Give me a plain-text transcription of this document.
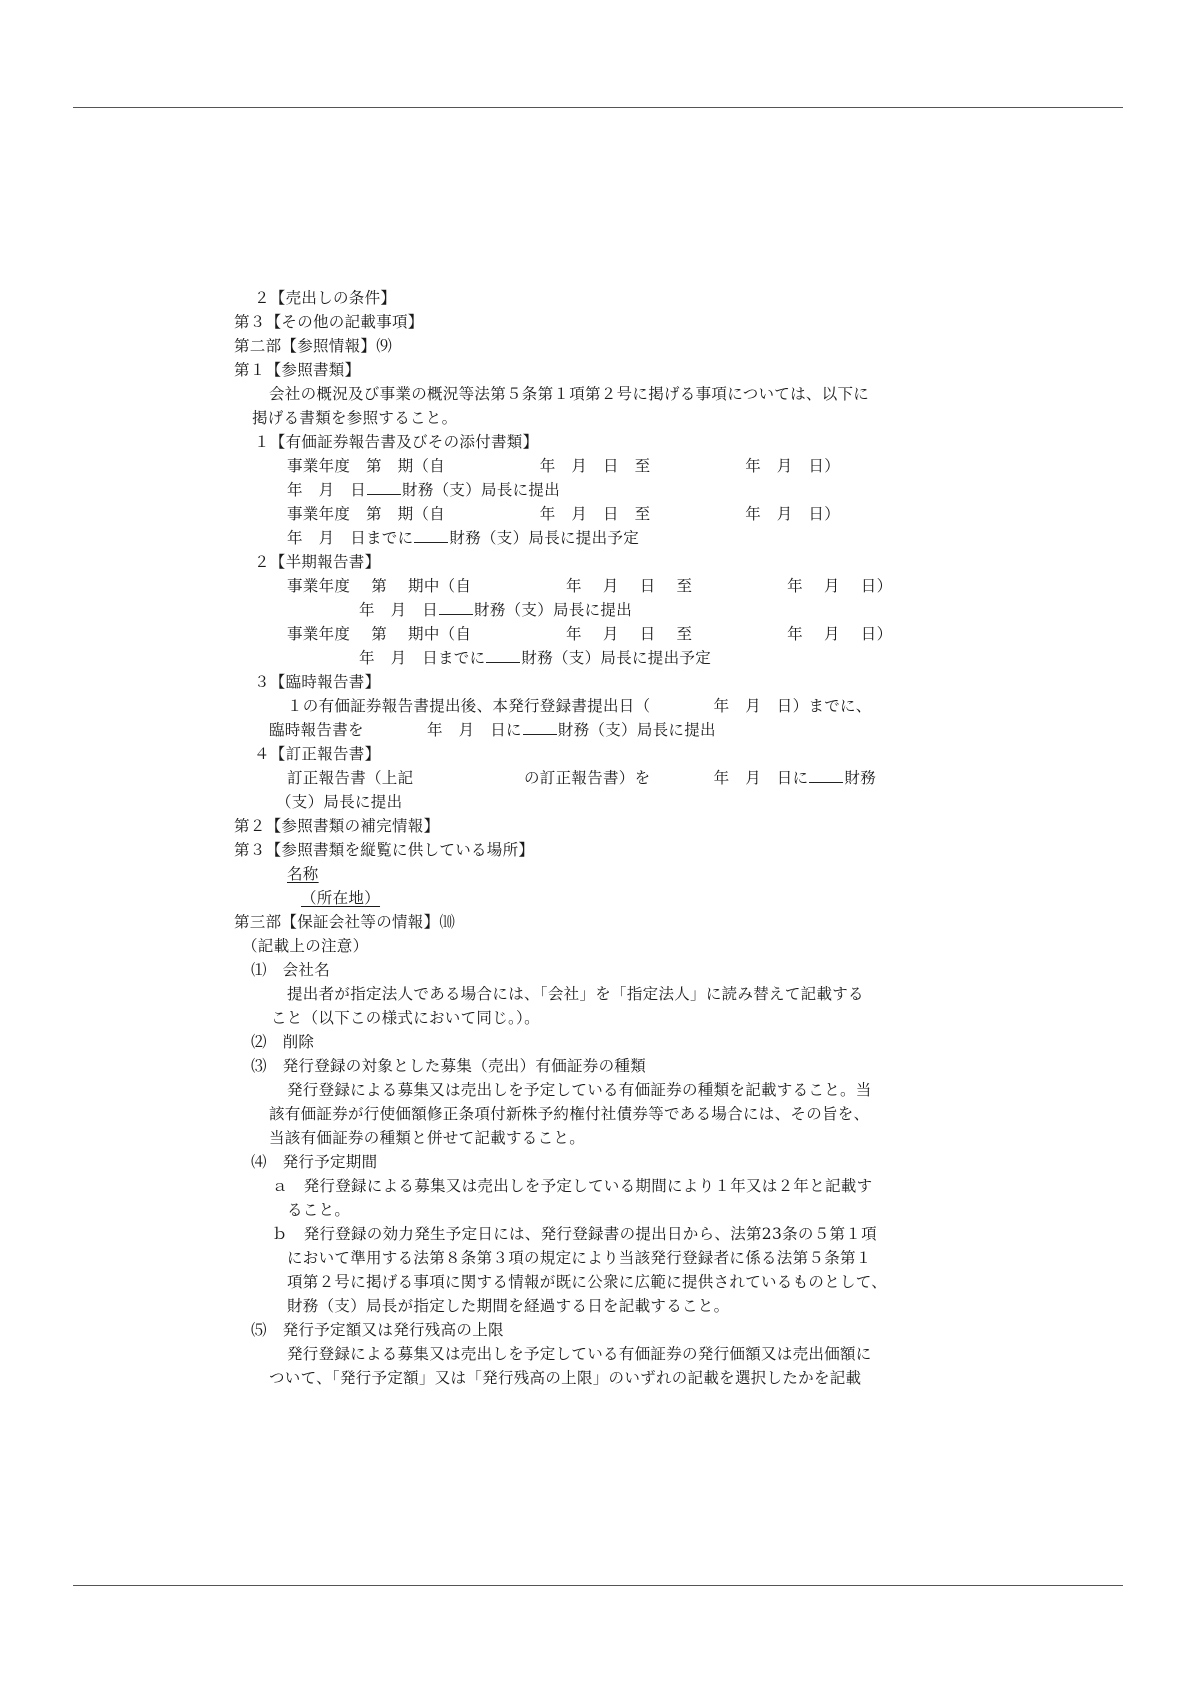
２【売出しの条件】
第３【その他の記載事項】
第二部【参照情報】⑼
第１【参照書類】
会社の概況及び事業の概況等法第５条第１項第２号に掲げる事項については、以下に
掲げる書類を参照すること。
１【有価証券報告書及びその添付書類】
事業年度　第　期（自　　　　　　年　月　日　至　　　　　　年　月　日）
年　月　日 財務（支）局長に提出
事業年度　第　期（自　　　　　　年　月　日　至　　　　　　年　月　日）
年　月　日までに 財務（支）局長に提出予定
２【半期報告書】
事業年度　 第　 期中（自　　　　　　年　 月　 日　 至　　　　　　年　 月　 日）
年　月　日 財務（支）局長に提出
事業年度　 第　 期中（自　　　　　　年　 月　 日　 至　　　　　　年　 月　 日）
年　月　日までに 財務（支）局長に提出予定
３【臨時報告書】
１の有価証券報告書提出後、本発行登録書提出日（　　　　年　月　日）までに、
臨時報告書を　　　　年　月　日に 財務（支）局長に提出
４【訂正報告書】
訂正報告書（上記　　　　　　　の訂正報告書）を　　　　年　月　日に 財務
（支）局長に提出
第２【参照書類の補完情報】
第３【参照書類を縦覧に供している場所】
名称
（所在地）
第三部【保証会社等の情報】⑽
（記載上の注意）
⑴　会社名
提出者が指定法人である場合には、「会社」を「指定法人」に読み替えて記載する
こと（以下この様式において同じ。）。
⑵　削除
⑶　発行登録の対象とした募集（売出）有価証券の種類
発行登録による募集又は売出しを予定している有価証券の種類を記載すること。当
該有価証券が行使価額修正条項付新株予約権付社債券等である場合には、その旨を、
当該有価証券の種類と併せて記載すること。
⑷　発行予定期間
ａ　発行登録による募集又は売出しを予定している期間により１年又は２年と記載す
ること。
ｂ　発行登録の効力発生予定日には、発行登録書の提出日から、法第23条の５第１項
において準用する法第８条第３項の規定により当該発行登録者に係る法第５条第１
項第２号に掲げる事項に関する情報が既に公衆に広範に提供されているものとして、
財務（支）局長が指定した期間を経過する日を記載すること。
⑸　発行予定額又は発行残高の上限
発行登録による募集又は売出しを予定している有価証券の発行価額又は売出価額に
ついて、「発行予定額」又は「発行残高の上限」のいずれの記載を選択したかを記載
